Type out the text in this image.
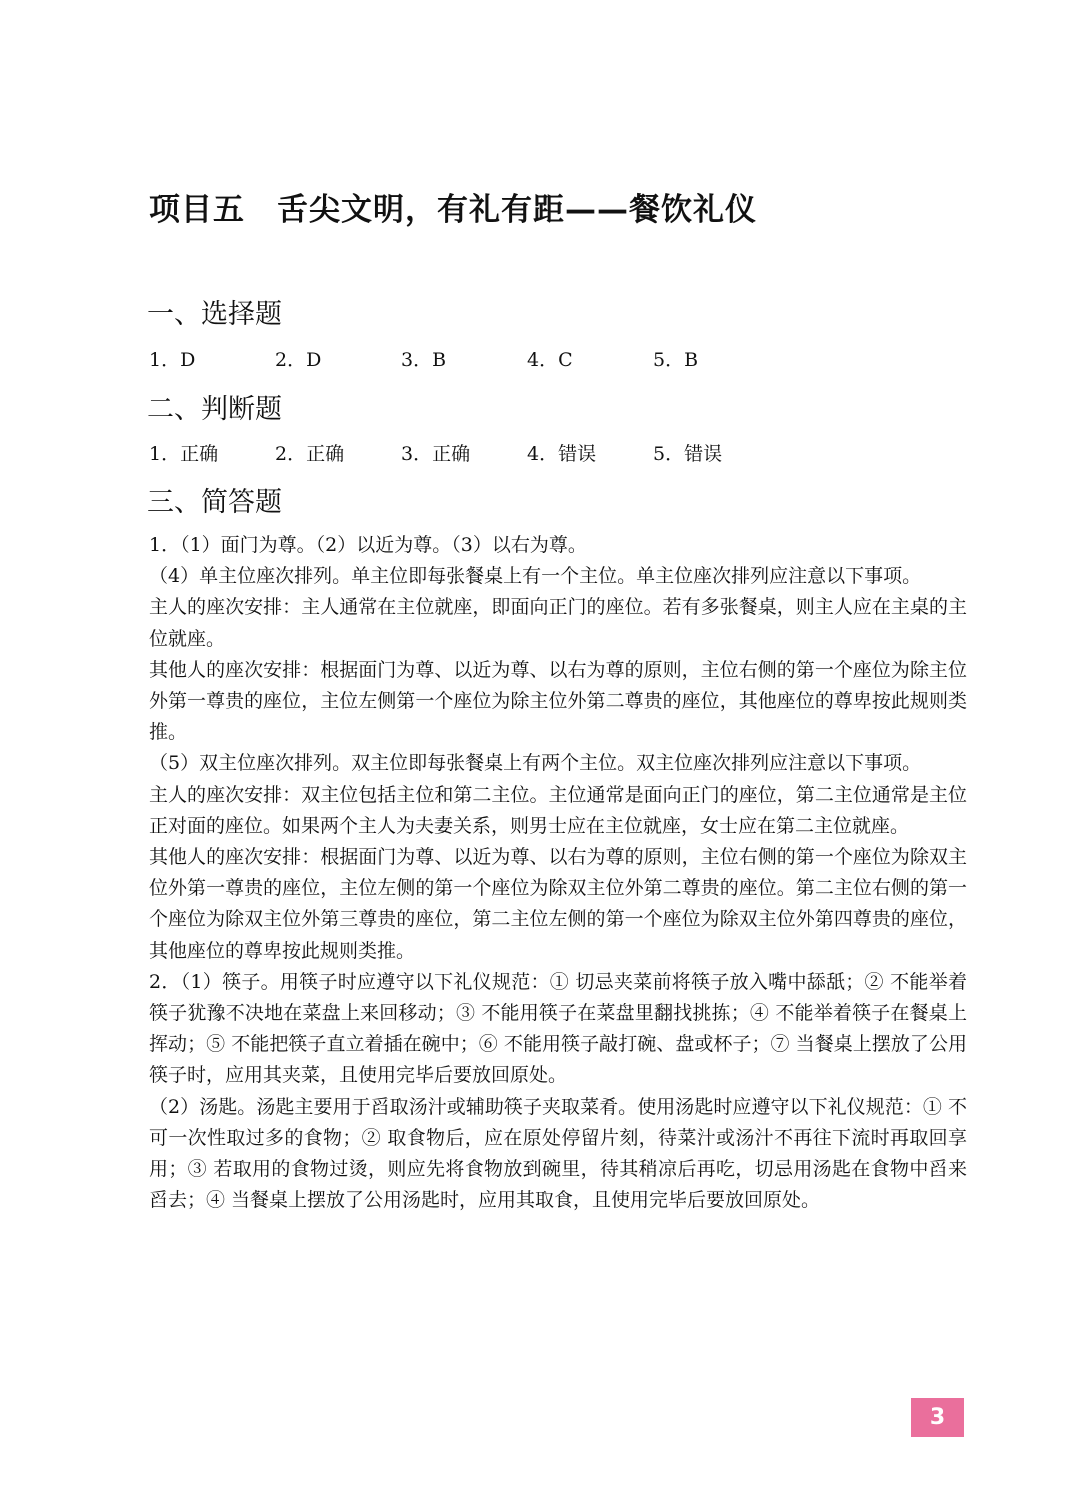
项目五　舌尖文明，有礼有距——餐饮礼仪
一、选择题
1．D	2．D	3．B	4．C	5．B
二、判断题
1．正确	2．正确	3．正确	4．错误	5．错误
三、简答题

1．（1）面门为尊。（2）以近为尊。（3）以右为尊。

（4）单主位座次排列。单主位即每张餐桌上有一个主位。单主位座次排列应注意以下事项。

主人的座次安排：主人通常在主位就座，即面向正门的座位。若有多张餐桌，则主人应在主桌的主位就座。

其他人的座次安排：根据面门为尊、以近为尊、以右为尊的原则，主位右侧的第一个座位为除主位外第一尊贵的座位，主位左侧第一个座位为除主位外第二尊贵的座位，其他座位的尊卑按此规则类推。

（5）双主位座次排列。双主位即每张餐桌上有两个主位。双主位座次排列应注意以下事项。

主人的座次安排：双主位包括主位和第二主位。主位通常是面向正门的座位，第二主位通常是主位正对面的座位。如果两个主人为夫妻关系，则男士应在主位就座，女士应在第二主位就座。

其他人的座次安排：根据面门为尊、以近为尊、以右为尊的原则，主位右侧的第一个座位为除双主位外第一尊贵的座位，主位左侧的第一个座位为除双主位外第二尊贵的座位。第二主位右侧的第一个座位为除双主位外第三尊贵的座位，第二主位左侧的第一个座位为除双主位外第四尊贵的座位，其他座位的尊卑按此规则类推。

2．（1）筷子。用筷子时应遵守以下礼仪规范：① 切忌夹菜前将筷子放入嘴中舔舐；② 不能举着筷子犹豫不决地在菜盘上来回移动；③ 不能用筷子在菜盘里翻找挑拣；④ 不能举着筷子在餐桌上挥动；⑤ 不能把筷子直立着插在碗中；⑥ 不能用筷子敲打碗、盘或杯子；⑦ 当餐桌上摆放了公用筷子时，应用其夹菜，且使用完毕后要放回原处。

（2）汤匙。汤匙主要用于舀取汤汁或辅助筷子夹取菜肴。使用汤匙时应遵守以下礼仪规范：① 不可一次性取过多的食物；② 取食物后，应在原处停留片刻，待菜汁或汤汁不再往下流时再取回享用；③ 若取用的食物过烫，则应先将食物放到碗里，待其稍凉后再吃，切忌用汤匙在食物中舀来舀去；④ 当餐桌上摆放了公用汤匙时，应用其取食，且使用完毕后要放回原处。

3
